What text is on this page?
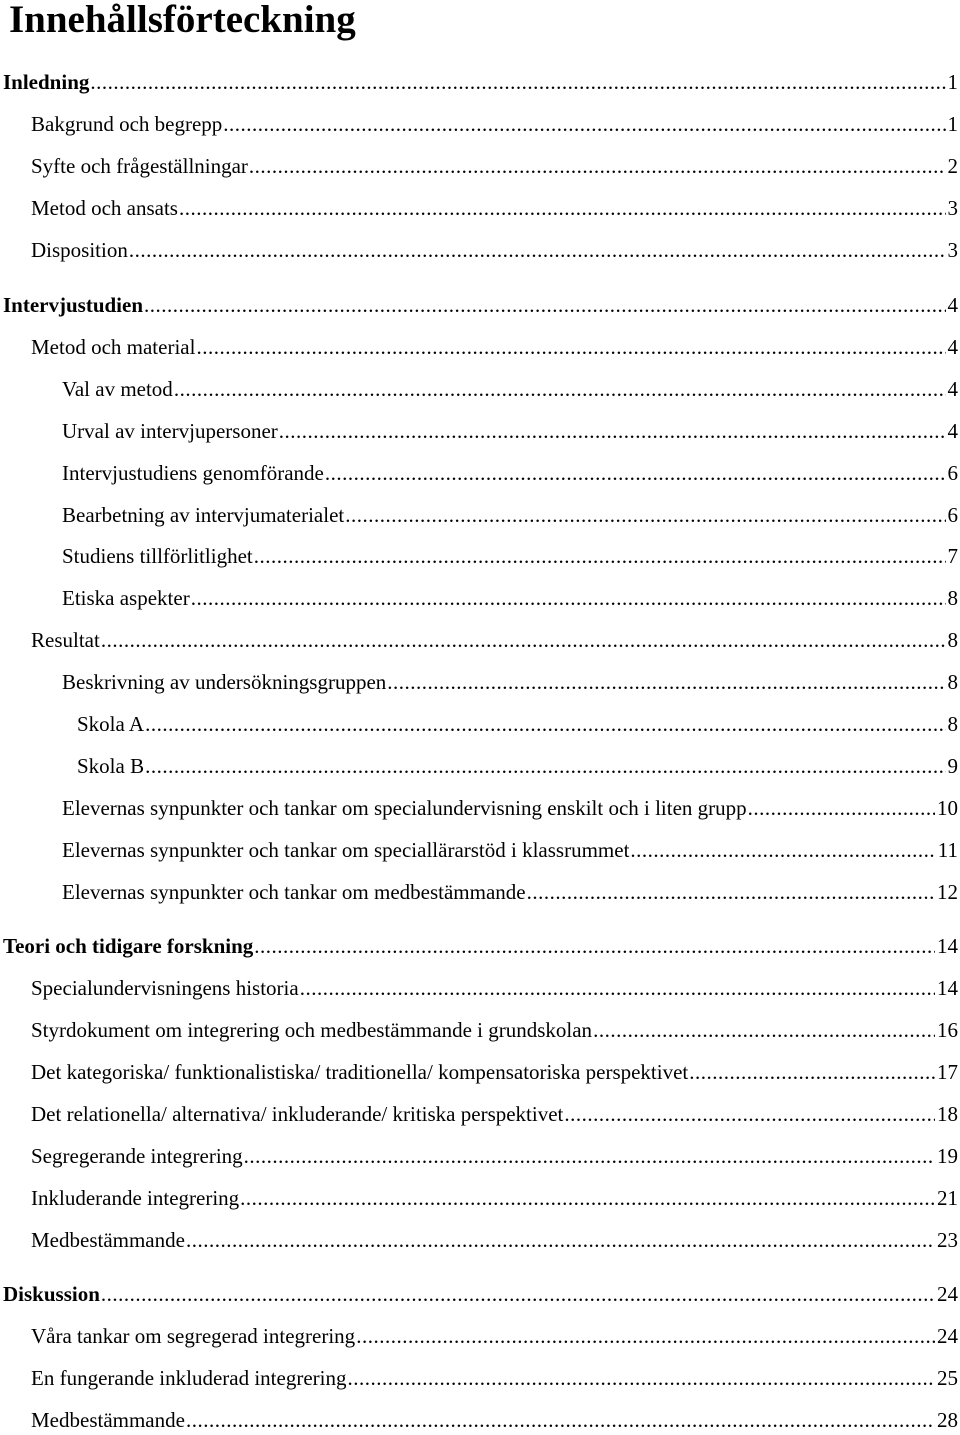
Innehållsförteckning
Inledning .....	1
Bakgrund och begrepp .....	1
Syfte och frågeställningar .....	2
Metod och ansats .....	3
Disposition .....	3
Intervjustudien .....	4
Metod och material .....	4
Val av metod .....	4
Urval av intervjupersoner .....	4
Intervjustudiens genomförande .....	6
Bearbetning av intervjumaterialet .....	6
Studiens tillförlitlighet .....	7
Etiska aspekter .....	8
Resultat .....	8
Beskrivning av undersökningsgruppen .....	8
Skola A .....	8
Skola B .....	9
Elevernas synpunkter och tankar om specialundervisning enskilt och i liten grupp .....	10
Elevernas synpunkter och tankar om speciallärarstöd i klassrummet .....	11
Elevernas synpunkter och tankar om medbestämmande .....	12
Teori och tidigare forskning .....	14
Specialundervisningens historia .....	14
Styrdokument om integrering och medbestämmande i grundskolan .....	16
Det kategoriska/ funktionalistiska/ traditionella/ kompensatoriska perspektivet .....	17
Det relationella/ alternativa/ inkluderande/ kritiska perspektivet .....	18
Segregerande integrering .....	19
Inkluderande integrering .....	21
Medbestämmande .....	23
Diskussion .....	24
Våra tankar om segregerad integrering .....	24
En fungerande inkluderad integrering .....	25
Medbestämmande .....	28
